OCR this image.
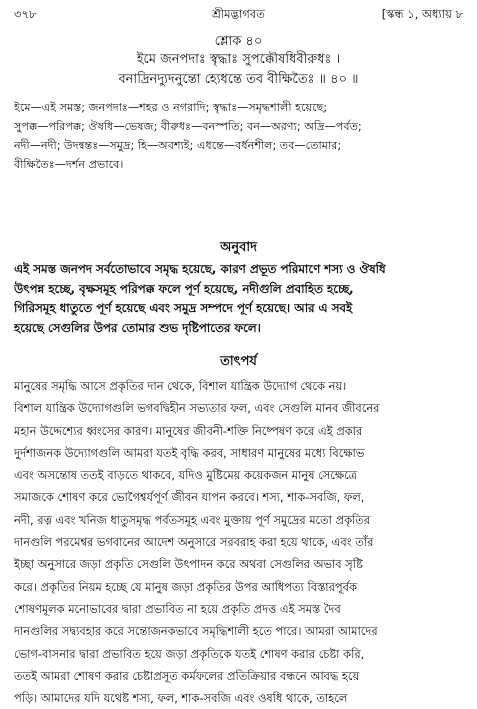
৩৭৮	শ্রীমদ্ভাগবত	[স্কন্ধ ১, অধ্যায় ৮
শ্লোক ৪০
ইমে জনপদাঃ স্বৃদ্ধাঃ সুপক্কৌষধিবীরুধঃ ।
বনাদ্রিনদ্যুদনুন্তো হ্যেধন্তে তব বীক্ষিতৈঃ ॥ ৪০ ॥
ইমে—এই সমস্ত; জনপদাঃ—শহর ও নগরাদি; স্বৃদ্ধাঃ—সমৃদ্ধশালী হয়েছে;
সুপক্ক—পরিপক্ক; ঔষধি—ভেষজ; বীরুধঃ—বনস্পতি; বন—অরণ্য; অদ্রি—পর্বত;
নদী—নদী; উদন্বন্তঃ—সমুদ্র; হি—অবশ্যই; এধন্তে—বর্ধনশীল; তব—তোমার;
বীক্ষিতৈঃ—দর্শন প্রভাবে।
অনুবাদ
এই সমস্ত জনপদ সর্বতোভাবে সমৃদ্ধ হয়েছে, কারণ প্রভূত পরিমাণে শস্য ও ঔষধি
উৎপন্ন হচ্ছে, বৃক্ষসমূহ পরিপক্ক ফলে পূর্ণ হয়েছে, নদীগুলি প্রবাহিত হচ্ছে,
গিরিসমূহ ধাতুতে পূর্ণ হয়েছে এবং সমুদ্র সম্পদে পূর্ণ হয়েছে। আর এ সবই
হয়েছে সেগুলির উপর তোমার শুভ দৃষ্টিপাতের ফলে।
তাৎপর্য
মানুষের সমৃদ্ধি আসে প্রকৃতির দান থেকে, বিশাল যান্ত্রিক উদ্যোগ থেকে নয়।
বিশাল যান্ত্রিক উদ্যোগগুলি ভগবদ্বিহীন সভ্যতার ফল, এবং সেগুলি মানব জীবনের
মহান উদ্দেশ্যের ধ্বংসের কারণ। মানুষের জীবনী-শক্তি নিষ্পেষণ করে এই প্রকার
দুর্দশাজনক উদ্যোগগুলি আমরা যতই বৃদ্ধি করব, সাধারণ মানুষের মধ্যে বিক্ষোভ
এবং অসন্তোষ ততই বাড়তে থাকবে, যদিও মুষ্টিমেয় কয়েকজন মানুষ সেক্ষেত্রে
সমাজকে শোষণ করে ভোগৈশ্বর্যপূর্ণ জীবন যাপন করবে। শস্য, শাক-সবজি, ফল,
নদী, রত্ন এবং খনিজ ধাতুসমৃদ্ধ পর্বতসমূহ এবং মুক্তায় পূর্ণ সমুদ্রের মতো প্রকৃতির
দানগুলি পরমেশ্বর ভগবানের আদেশ অনুসারে সরবরাহ করা হয়ে থাকে, এবং তাঁর
ইচ্ছা অনুসারে জড়া প্রকৃতি সেগুলি উৎপাদন করে অথবা সেগুলির অভাব সৃষ্টি
করে। প্রকৃতির নিয়ম হচ্ছে যে মানুষ জড়া প্রকৃতির উপর আধিপত্য বিস্তারপূর্বক
শোষণমূলক মনোভাবের দ্বারা প্রভাবিত না হয়ে প্রকৃতি প্রদত্ত এই সমস্ত দৈব
দানগুলির সদ্ব্যবহার করে সন্তোজনকভাবে সমৃদ্ধিশালী হতে পারে। আমরা আমাদের
ভোগ-বাসনার দ্বারা প্রভাবিত হয়ে জড়া প্রকৃতিকে যতই শোষণ করার চেষ্টা করি,
ততই আমরা শোষণ করার চেষ্টাপ্রসূত কর্মফলের প্রতিক্রিয়ার বন্ধনে আবদ্ধ হয়ে
পড়ি। আমাদের যদি যথেষ্ট শস্য, ফল, শাক-সবজি এবং ওষধি থাকে, তাহলে
